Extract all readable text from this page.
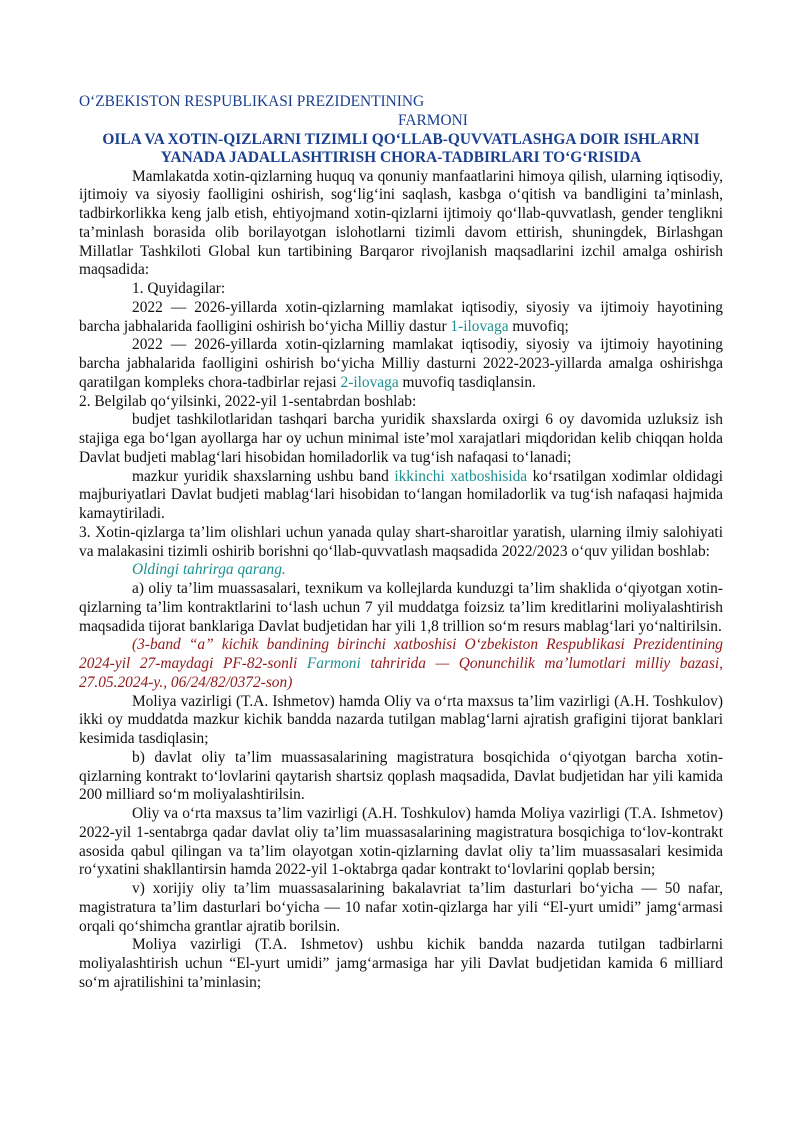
O‘ZBEKISTON RESPUBLIKASI PREZIDENTINING

FARMONI

OILA VA XOTIN-QIZLARNI TIZIMLI QO‘LLAB-QUVVATLASHGA DOIR ISHLARNI

YANADA JADALLASHTIRISH CHORA-TADBIRLARI TO‘G‘RISIDA

Mamlakatda xotin-qizlarning huquq va qonuniy manfaatlarini himoya qilish, ularning iqtisodiy, ijtimoiy va siyosiy faolligini oshirish, sog‘lig‘ini saqlash, kasbga o‘qitish va bandligini ta’minlash, tadbirkorlikka keng jalb etish, ehtiyojmand xotin-qizlarni ijtimoiy qo‘llab-quvvatlash, gender tenglikni ta’minlash borasida olib borilayotgan islohotlarni tizimli davom ettirish, shuningdek, Birlashgan Millatlar Tashkiloti Global kun tartibining Barqaror rivojlanish maqsadlarini izchil amalga oshirish maqsadida:

1. Quyidagilar:

2022 — 2026-yillarda xotin-qizlarning mamlakat iqtisodiy, siyosiy va ijtimoiy hayotining barcha jabhalarida faolligini oshirish bo‘yicha Milliy dastur 1-ilovaga muvofiq;

2022 — 2026-yillarda xotin-qizlarning mamlakat iqtisodiy, siyosiy va ijtimoiy hayotining barcha jabhalarida faolligini oshirish bo‘yicha Milliy dasturni 2022-2023-yillarda amalga oshirishga qaratilgan kompleks chora-tadbirlar rejasi 2-ilovaga muvofiq tasdiqlansin.

2. Belgilab qo‘yilsinki, 2022-yil 1-sentabrdan boshlab:

budjet tashkilotlaridan tashqari barcha yuridik shaxslarda oxirgi 6 oy davomida uzluksiz ish stajiga ega bo‘lgan ayollarga har oy uchun minimal iste’mol xarajatlari miqdoridan kelib chiqqan holda Davlat budjeti mablag‘lari hisobidan homiladorlik va tug‘ish nafaqasi to‘lanadi;

mazkur yuridik shaxslarning ushbu band ikkinchi xatboshisida ko‘rsatilgan xodimlar oldidagi majburiyatlari Davlat budjeti mablag‘lari hisobidan to‘langan homiladorlik va tug‘ish nafaqasi hajmida kamaytiriladi.

3. Xotin-qizlarga ta’lim olishlari uchun yanada qulay shart-sharoitlar yaratish, ularning ilmiy salohiyati va malakasini tizimli oshirib borishni qo‘llab-quvvatlash maqsadida 2022/2023 o‘quv yilidan boshlab:

Oldingi tahrirga qarang.

a) oliy ta’lim muassasalari, texnikum va kollejlarda kunduzgi ta’lim shaklida o‘qiyotgan xotin-qizlarning ta’lim kontraktlarini to‘lash uchun 7 yil muddatga foizsiz ta’lim kreditlarini moliyalashtirish maqsadida tijorat banklariga Davlat budjetidan har yili 1,8 trillion so‘m resurs mablag‘lari yo‘naltirilsin.

(3-band “a” kichik bandining birinchi xatboshisi O‘zbekiston Respublikasi Prezidentining 2024-yil 27-maydagi PF-82-sonli Farmoni tahririda — Qonunchilik ma’lumotlari milliy bazasi, 27.05.2024-y., 06/24/82/0372-son)

Moliya vazirligi (T.A. Ishmetov) hamda Oliy va o‘rta maxsus ta’lim vazirligi (A.H. Toshkulov) ikki oy muddatda mazkur kichik bandda nazarda tutilgan mablag‘larni ajratish grafigini tijorat banklari kesimida tasdiqlasin;

b) davlat oliy ta’lim muassasalarining magistratura bosqichida o‘qiyotgan barcha xotin-qizlarning kontrakt to‘lovlarini qaytarish shartsiz qoplash maqsadida, Davlat budjetidan har yili kamida 200 milliard so‘m moliyalashtirilsin.

Oliy va o‘rta maxsus ta’lim vazirligi (A.H. Toshkulov) hamda Moliya vazirligi (T.A. Ishmetov) 2022-yil 1-sentabrga qadar davlat oliy ta’lim muassasalarining magistratura bosqichiga to‘lov-kontrakt asosida qabul qilingan va ta’lim olayotgan xotin-qizlarning davlat oliy ta’lim muassasalari kesimida ro‘yxatini shakllantirsin hamda 2022-yil 1-oktabrga qadar kontrakt to‘lovlarini qoplab bersin;

v) xorijiy oliy ta’lim muassasalarining bakalavriat ta’lim dasturlari bo‘yicha — 50 nafar, magistratura ta’lim dasturlari bo‘yicha — 10 nafar xotin-qizlarga har yili “El-yurt umidi” jamg‘armasi orqali qo‘shimcha grantlar ajratib borilsin.

Moliya vazirligi (T.A. Ishmetov) ushbu kichik bandda nazarda tutilgan tadbirlarni moliyalashtirish uchun “El-yurt umidi” jamg‘armasiga har yili Davlat budjetidan kamida 6 milliard so‘m ajratilishini ta’minlasin;
